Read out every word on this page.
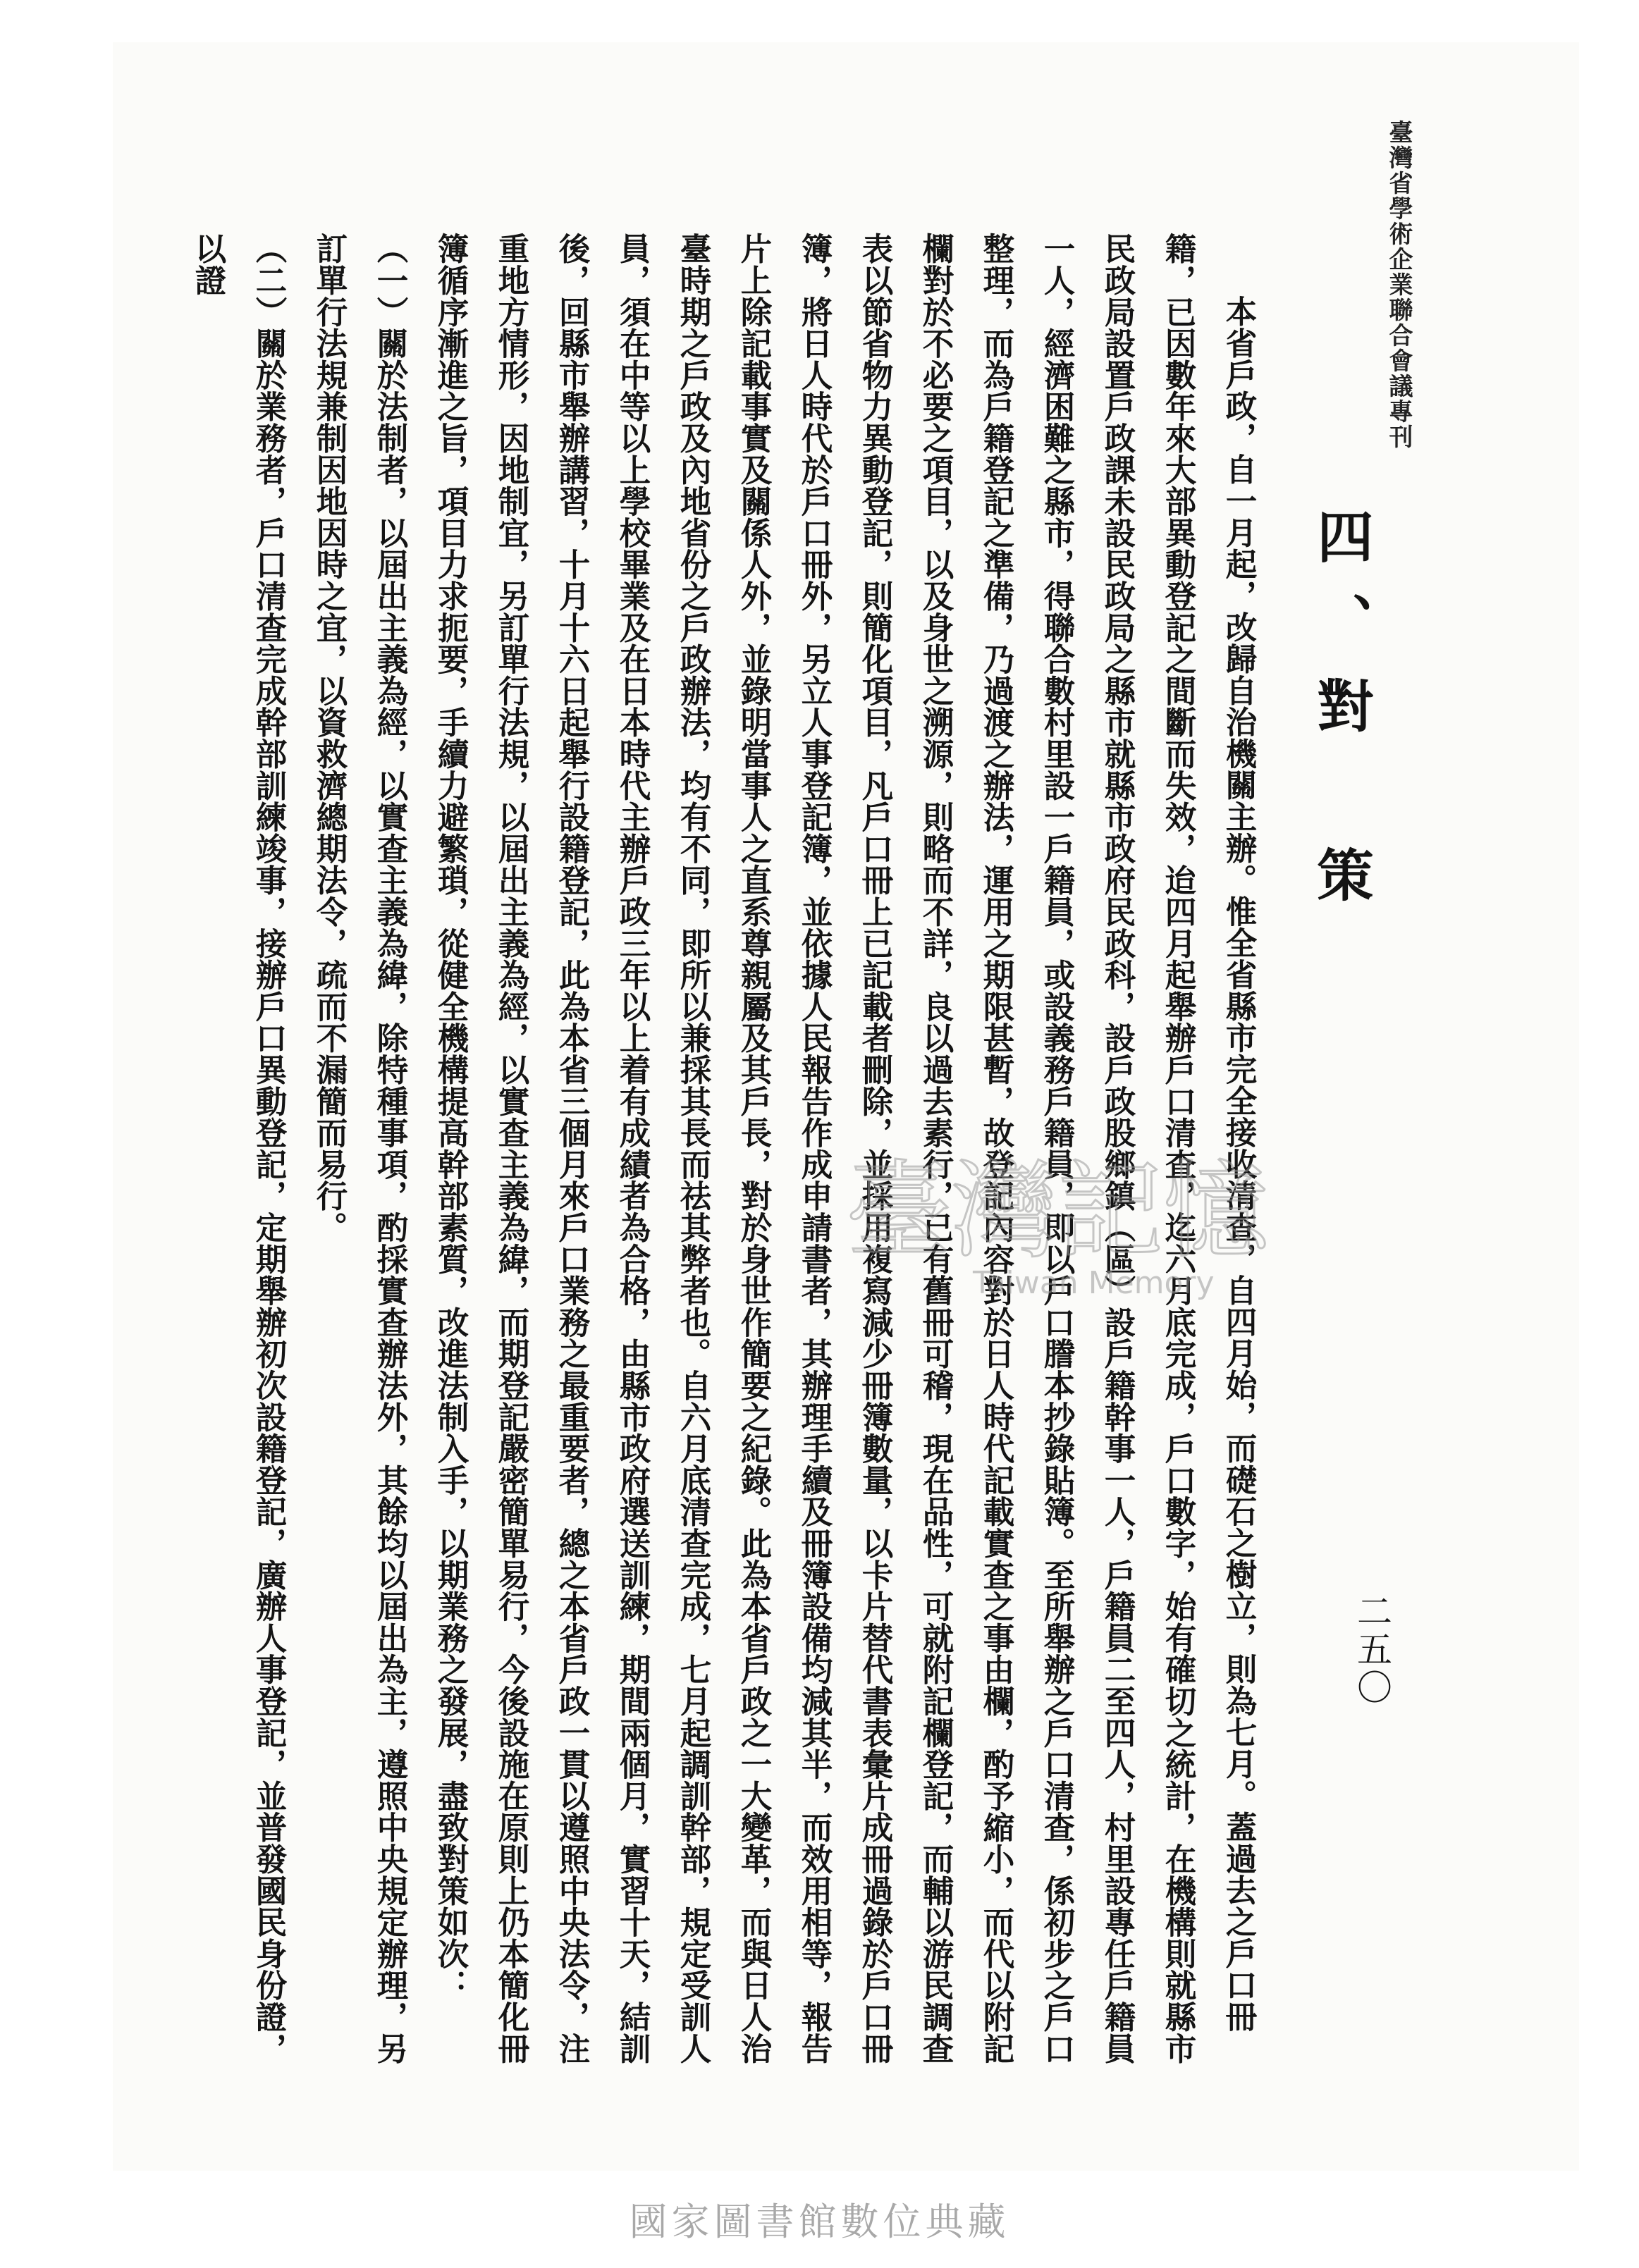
臺灣省學術企業聯合會議專刊
二五〇
四、對　策

本省戶政，自一月起，改歸自治機關主辦。惟全省縣市完全接收清查，自四月始，而礎石之樹立，則為七月。蓋過去之戶口冊籍，已因數年來大部異動登記之間斷而失效，迨四月起舉辦戶口清查，迄六月底完成，戶口數字，始有確切之統計，在機構則就縣市民政局設置戶政課未設民政局之縣市就縣市政府民政科，設戶政股鄉鎮（區）設戶籍幹事一人，戶籍員二至四人，村里設專任戶籍員一人，經濟困難之縣市，得聯合數村里設一戶籍員，或設義務戶籍員，即以戶口謄本抄錄貼簿。至所舉辦之戶口清查，係初步之戶口整理，而為戶籍登記之準備，乃過渡之辦法，運用之期限甚暫，故登記內容對於日人時代記載實查之事由欄，酌予縮小，而代以附記欄對於不必要之項目，以及身世之溯源，則略而不詳，良以過去素行，已有舊冊可稽，現在品性，可就附記欄登記，而輔以游民調查表以節省物力異動登記，則簡化項目，凡戶口冊上已記載者刪除，並採用複寫減少冊簿數量，以卡片替代書表彙片成冊過錄於戶口冊簿，將日人時代於戶口冊外，另立人事登記簿，並依據人民報告作成申請書者，其辦理手續及冊簿設備均減其半，而效用相等，報告片上除記載事實及關係人外，並錄明當事人之直系尊親屬及其戶長，對於身世作簡要之紀錄。此為本省戶政之一大變革，而與日人治臺時期之戶政及內地省份之戶政辦法，均有不同，即所以兼採其長而祛其弊者也。自六月底清查完成，七月起調訓幹部，規定受訓人員，須在中等以上學校畢業及在日本時代主辦戶政三年以上着有成績者為合格，由縣市政府選送訓練，期間兩個月，實習十天，結訓後，回縣市舉辦講習，十月十六日起舉行設籍登記，此為本省三個月來戶口業務之最重要者，總之本省戶政一貫以遵照中央法令，注重地方情形，因地制宜，另訂單行法規，以屆出主義為經，以實查主義為緯，而期登記嚴密簡單易行，今後設施在原則上仍本簡化冊簿循序漸進之旨，項目力求扼要，手續力避繁瑣，從健全機構提高幹部素質，改進法制入手，以期業務之發展，盡致對策如次：

（一）關於法制者，以屆出主義為經，以實查主義為緯，除特種事項，酌採實查辦法外，其餘均以屆出為主，遵照中央規定辦理，另訂單行法規兼制因地因時之宜，以資救濟總期法令，疏而不漏簡而易行。

（二）關於業務者，戶口清查完成幹部訓練竣事，接辦戶口異動登記，定期舉辦初次設籍登記，廣辦人事登記，並普發國民身份證，以證

臺灣記憶
Taiwan Memory
國家圖書館數位典藏
